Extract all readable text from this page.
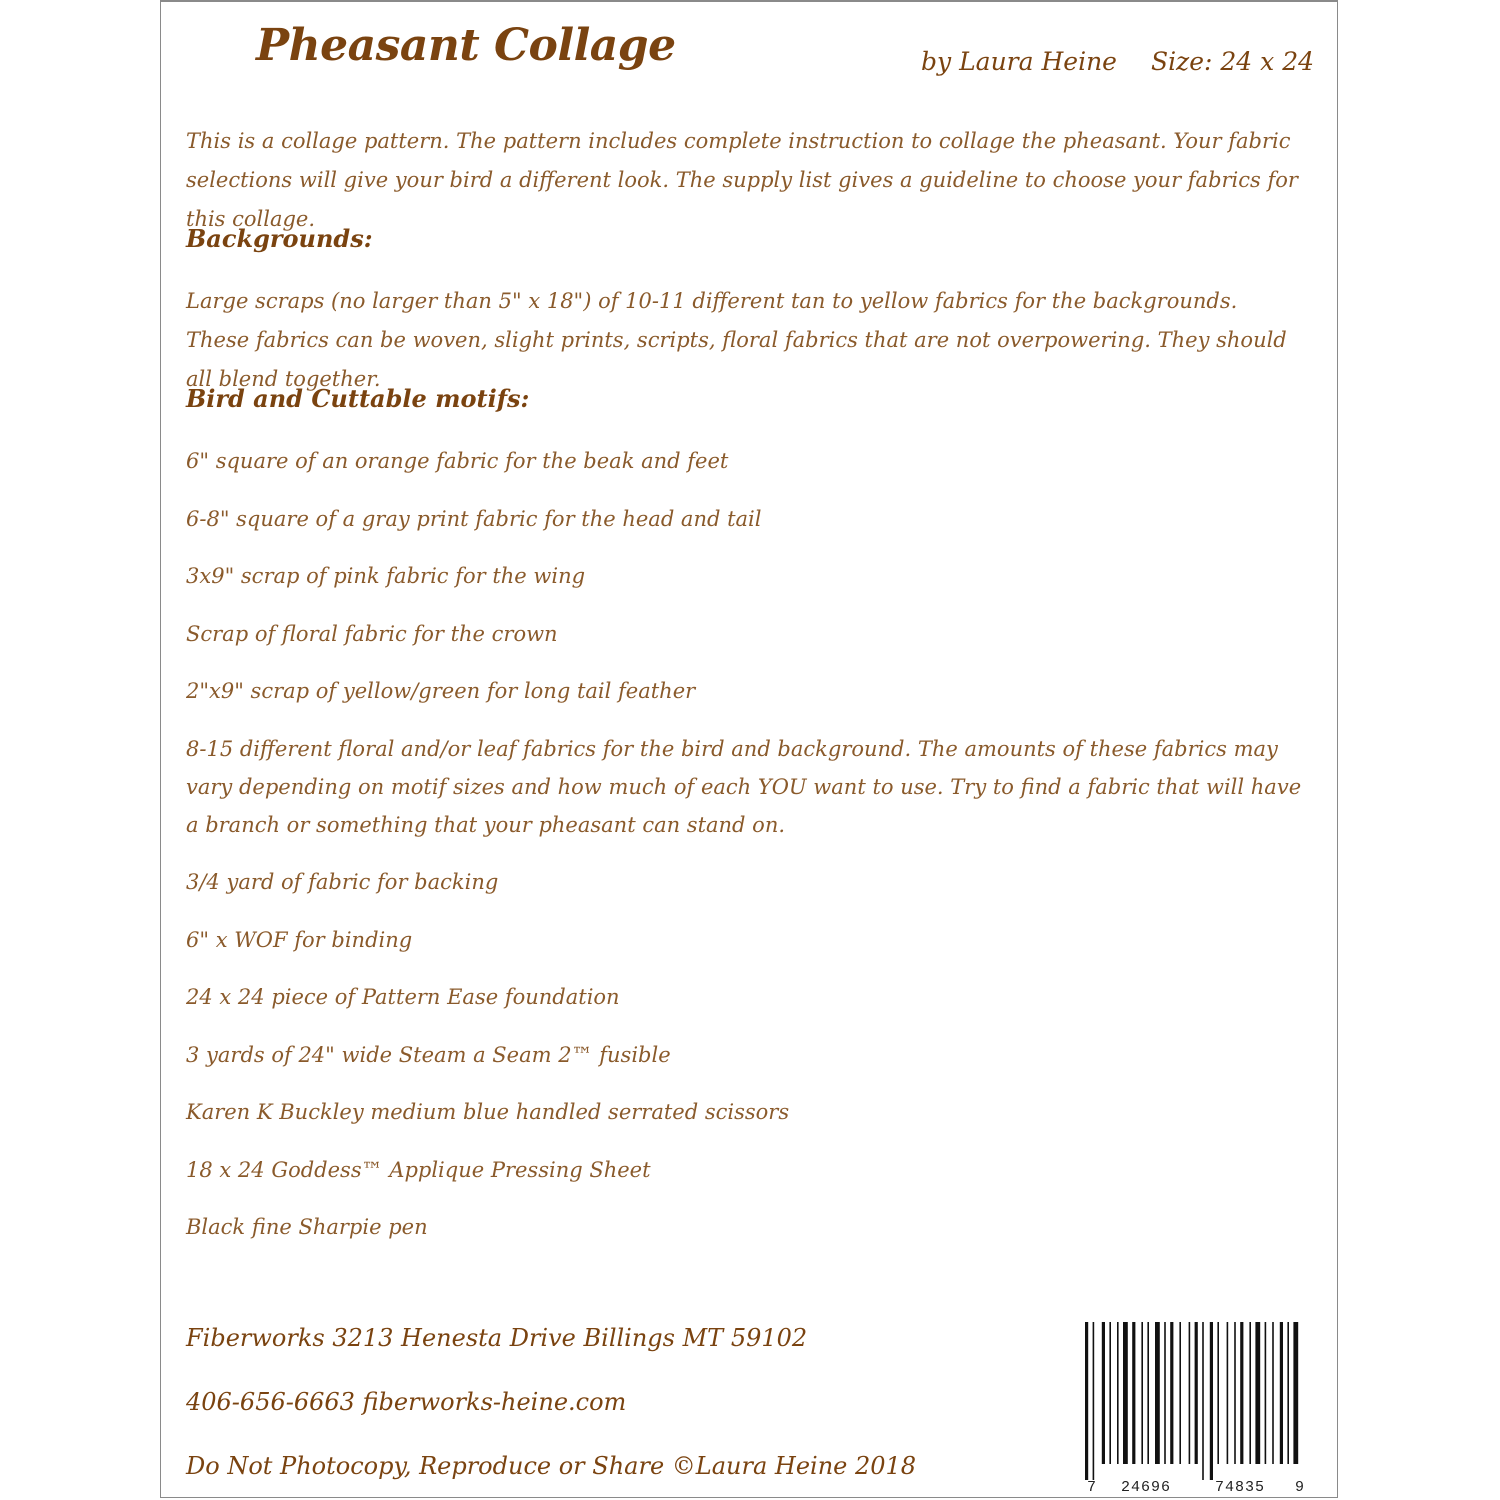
Pheasant Collage	by Laura Heine Size: 24 x 24
This is a collage pattern. The pattern includes complete instruction to collage the pheasant. Your fabric selections will give your bird a different look. The supply list gives a guideline to choose your fabrics for this collage.
Backgrounds:
Large scraps (no larger than 5" x 18") of 10-11 different tan to yellow fabrics for the backgrounds. These fabrics can be woven, slight prints, scripts, floral fabrics that are not overpowering. They should all blend together.
Bird and Cuttable motifs:
6" square of an orange fabric for the beak and feet
6-8" square of a gray print fabric for the head and tail
3x9" scrap of pink fabric for the wing
Scrap of floral fabric for the crown
2"x9" scrap of yellow/green for long tail feather
8-15 different floral and/or leaf fabrics for the bird and background. The amounts of these fabrics may vary depending on motif sizes and how much of each YOU want to use. Try to find a fabric that will have a branch or something that your pheasant can stand on.
3/4 yard of fabric for backing
6" x WOF for binding
24 x 24 piece of Pattern Ease foundation
3 yards of 24" wide Steam a Seam 2™ fusible
Karen K Buckley medium blue handled serrated scissors
18 x 24 Goddess™ Applique Pressing Sheet
Black fine Sharpie pen
Fiberworks 3213 Henesta Drive Billings MT 59102
406-656-6663 fiberworks-heine.com
Do Not Photocopy, Reproduce or Share ©Laura Heine 2018
7 24696	74835 9
